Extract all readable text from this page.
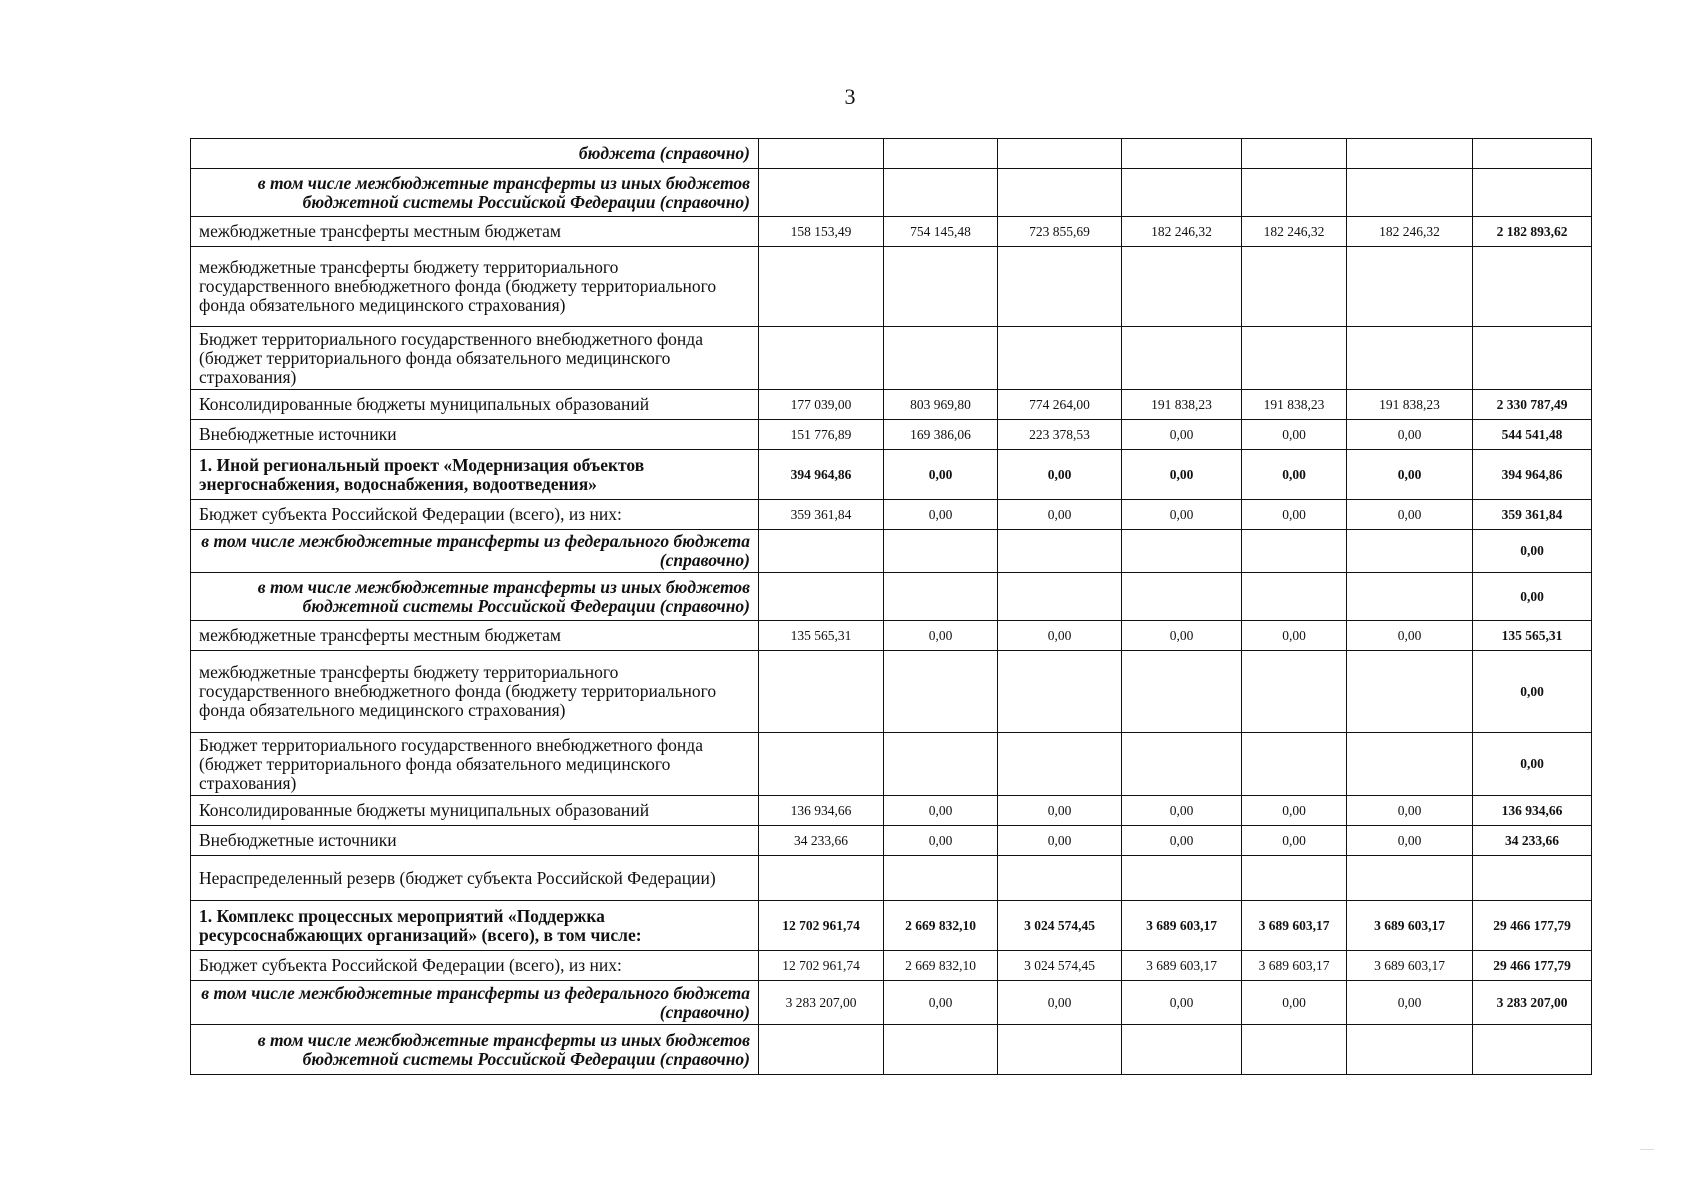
3
бюджета (справочно)							
в том числе межбюджетные трансферты из иных бюджетов бюджетной системы Российской Федерации (справочно)							
межбюджетные трансферты местным бюджетам	158 153,49	754 145,48	723 855,69	182 246,32	182 246,32	182 246,32	2 182 893,62
межбюджетные трансферты бюджету территориального государственного внебюджетного фонда (бюджету территориального фонда обязательного медицинского страхования)							
Бюджет территориального государственного внебюджетного фонда (бюджет территориального фонда обязательного медицинского страхования)							
Консолидированные бюджеты муниципальных образований	177 039,00	803 969,80	774 264,00	191 838,23	191 838,23	191 838,23	2 330 787,49
Внебюджетные источники	151 776,89	169 386,06	223 378,53	0,00	0,00	0,00	544 541,48
1. Иной региональный проект «Модернизация объектов энергоснабжения, водоснабжения, водоотведения»	394 964,86	0,00	0,00	0,00	0,00	0,00	394 964,86
Бюджет субъекта Российской Федерации (всего), из них:	359 361,84	0,00	0,00	0,00	0,00	0,00	359 361,84
в том числе межбюджетные трансферты из федерального бюджета (справочно)							0,00
в том числе межбюджетные трансферты из иных бюджетов бюджетной системы Российской Федерации (справочно)							0,00
межбюджетные трансферты местным бюджетам	135 565,31	0,00	0,00	0,00	0,00	0,00	135 565,31
межбюджетные трансферты бюджету территориального государственного внебюджетного фонда (бюджету территориального фонда обязательного медицинского страхования)							0,00
Бюджет территориального государственного внебюджетного фонда (бюджет территориального фонда обязательного медицинского страхования)							0,00
Консолидированные бюджеты муниципальных образований	136 934,66	0,00	0,00	0,00	0,00	0,00	136 934,66
Внебюджетные источники	34 233,66	0,00	0,00	0,00	0,00	0,00	34 233,66
Нераспределенный резерв (бюджет субъекта Российской Федерации)							
1. Комплекс процессных мероприятий «Поддержка ресурсоснабжающих организаций» (всего), в том числе:	12 702 961,74	2 669 832,10	3 024 574,45	3 689 603,17	3 689 603,17	3 689 603,17	29 466 177,79
Бюджет субъекта Российской Федерации (всего), из них:	12 702 961,74	2 669 832,10	3 024 574,45	3 689 603,17	3 689 603,17	3 689 603,17	29 466 177,79
в том числе межбюджетные трансферты из федерального бюджета (справочно)	3 283 207,00	0,00	0,00	0,00	0,00	0,00	3 283 207,00
в том числе межбюджетные трансферты из иных бюджетов бюджетной системы Российской Федерации (справочно)							
